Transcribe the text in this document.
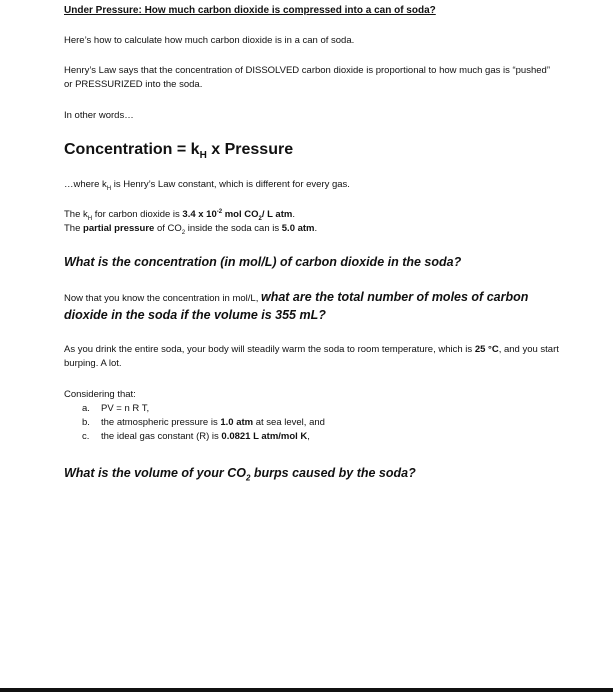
Under Pressure: How much carbon dioxide is compressed into a can of soda?

Here’s how to calculate how much carbon dioxide is in a can of soda.

Henry’s Law says that the concentration of DISSOLVED carbon dioxide is proportional to how much gas is “pushed” or PRESSURIZED into the soda.

In other words…

Concentration = $k_H$ x Pressure

…where $k_H$ is Henry’s Law constant, which is different for every gas.

The $k_H$ for carbon dioxide is 3.4 x $10^{-2}$ mol $CO_2/$ L atm.

The partial pressure of $CO_2$ inside the soda can is 5.0 atm.

What is the concentration (in mol/L) of carbon dioxide in the soda?

Now that you know the concentration in mol/L, what are the total number of moles of carbon dioxide in the soda if the volume is 355 mL?

As you drink the entire soda, your body will steadily warm the soda to room temperature, which is 25 °C, and you start burping. A lot.

Considering that:

a. PV = n R T,
b. the atmospheric pressure is 1.0 atm at sea level, and
c. the ideal gas constant (R) is 0.0821 L atm/mol K,

What is the volume of your $CO_2$ burps caused by the soda?
